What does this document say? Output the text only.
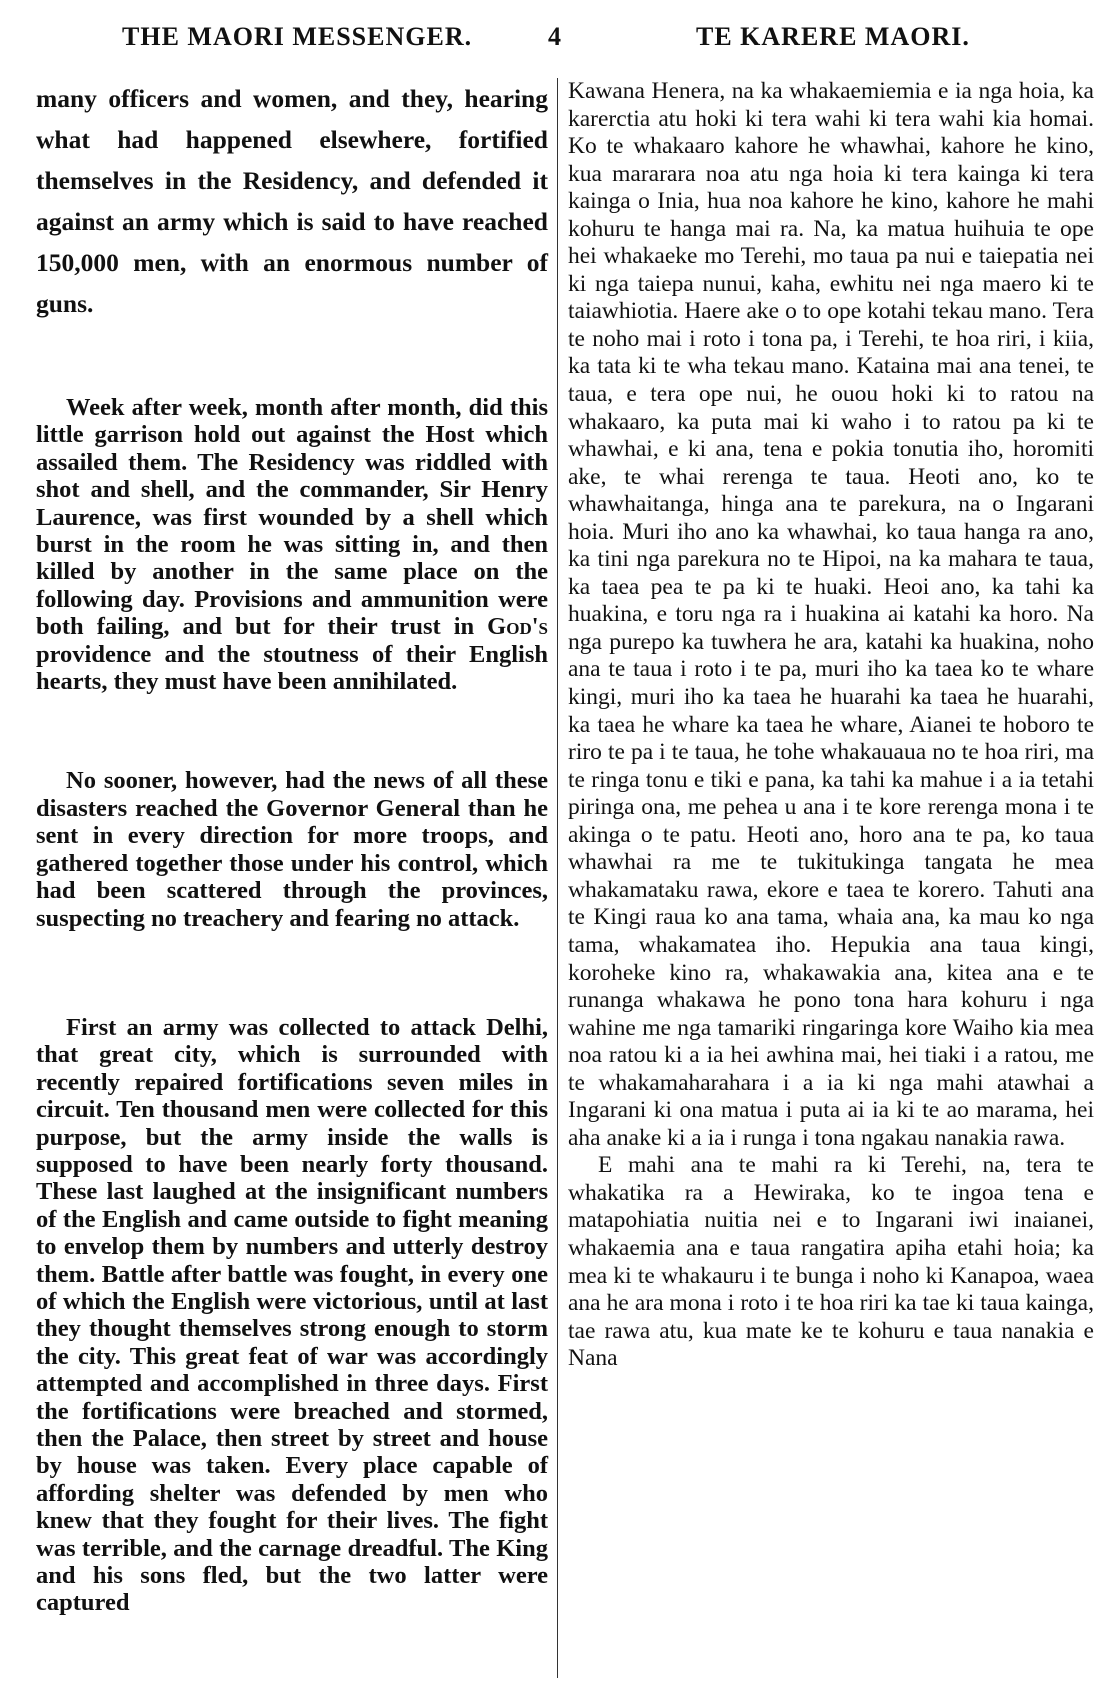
THE MAORI MESSENGER.	4	TE KARERE MAORI.

many officers and women, and they, hearing what had happened elsewhere, fortified themselves in the Residency, and defended it against an army which is said to have reached 150,000 men, with an enormous number of guns.

Week after week, month after month, did this little garrison hold out against the Host which assailed them. The Residency was riddled with shot and shell, and the commander, Sir Henry Laurence, was first wounded by a shell which burst in the room he was sitting in, and then killed by another in the same place on the following day. Provisions and ammunition were both failing, and but for their trust in God's providence and the stoutness of their English hearts, they must have been annihilated.

No sooner, however, had the news of all these disasters reached the Governor General than he sent in every direction for more troops, and gathered together those under his control, which had been scattered through the provinces, suspecting no treachery and fearing no attack.

First an army was collected to attack Delhi, that great city, which is surrounded with recently repaired fortifications seven miles in circuit. Ten thousand men were collected for this purpose, but the army inside the walls is supposed to have been nearly forty thousand. These last laughed at the insignificant numbers of the English and came outside to fight meaning to envelop them by numbers and utterly destroy them. Battle after battle was fought, in every one of which the English were victorious, until at last they thought themselves strong enough to storm the city. This great feat of war was accordingly attempted and accomplished in three days. First the fortifications were breached and stormed, then the Palace, then street by street and house by house was taken. Every place capable of affording shelter was defended by men who knew that they fought for their lives. The fight was terrible, and the carnage dreadful. The King and his sons fled, but the two latter were captured

Kawana Henera, na ka whakaemiemia e ia nga hoia, ka karerctia atu hoki ki tera wahi ki tera wahi kia homai. Ko te whakaaro kahore he whawhai, kahore he kino, kua mararara noa atu nga hoia ki tera kainga ki tera kainga o Inia, hua noa kahore he kino, kahore he mahi kohuru te hanga mai ra. Na, ka matua huihuia te ope hei whakaeke mo Terehi, mo taua pa nui e taiepatia nei ki nga taiepa nunui, kaha, ewhitu nei nga maero ki te taiawhiotia. Haere ake o to ope kotahi tekau mano. Tera te noho mai i roto i tona pa, i Terehi, te hoa riri, i kiia, ka tata ki te wha tekau mano. Kataina mai ana tenei, te taua, e tera ope nui, he ouou hoki ki to ratou na whakaaro, ka puta mai ki waho i to ratou pa ki te whawhai, e ki ana, tena e pokia tonutia iho, horomiti ake, te whai rerenga te taua. Heoti ano, ko te whawhaitanga, hinga ana te parekura, na o Ingarani hoia. Muri iho ano ka whawhai, ko taua hanga ra ano, ka tini nga parekura no te Hipoi, na ka mahara te taua, ka taea pea te pa ki te huaki. Heoi ano, ka tahi ka huakina, e toru nga ra i huakina ai katahi ka horo. Na nga purepo ka tuwhera he ara, katahi ka huakina, noho ana te taua i roto i te pa, muri iho ka taea ko te whare kingi, muri iho ka taea he huarahi ka taea he huarahi, ka taea he whare ka taea he whare, Aianei te hoboro te riro te pa i te taua, he tohe whakauaua no te hoa riri, ma te ringa tonu e tiki e pana, ka tahi ka mahue i a ia tetahi piringa ona, me pehea u ana i te kore rerenga mona i te akinga o te patu. Heoti ano, horo ana te pa, ko taua whawhai ra me te tukitukinga tangata he mea whakamataku rawa, ekore e taea te korero. Tahuti ana te Kingi raua ko ana tama, whaia ana, ka mau ko nga tama, whakamatea iho. Hepukia ana taua kingi, koroheke kino ra, whakawakia ana, kitea ana e te runanga whakawa he pono tona hara kohuru i nga wahine me nga tamariki ringaringa kore Waiho kia mea noa ratou ki a ia hei awhina mai, hei tiaki i a ratou, me te whakamaharahara i a ia ki nga mahi atawhai a Ingarani ki ona matua i puta ai ia ki te ao marama, hei aha anake ki a ia i runga i tona ngakau nanakia rawa.

E mahi ana te mahi ra ki Terehi, na, tera te whakatika ra a Hewiraka, ko te ingoa tena e matapohiatia nuitia nei e to Ingarani iwi inaianei, whakaemia ana e taua rangatira apiha etahi hoia; ka mea ki te whakauru i te bunga i noho ki Kanapoa, waea ana he ara mona i roto i te hoa riri ka tae ki taua kainga, tae rawa atu, kua mate ke te kohuru e taua nanakia e Nana
